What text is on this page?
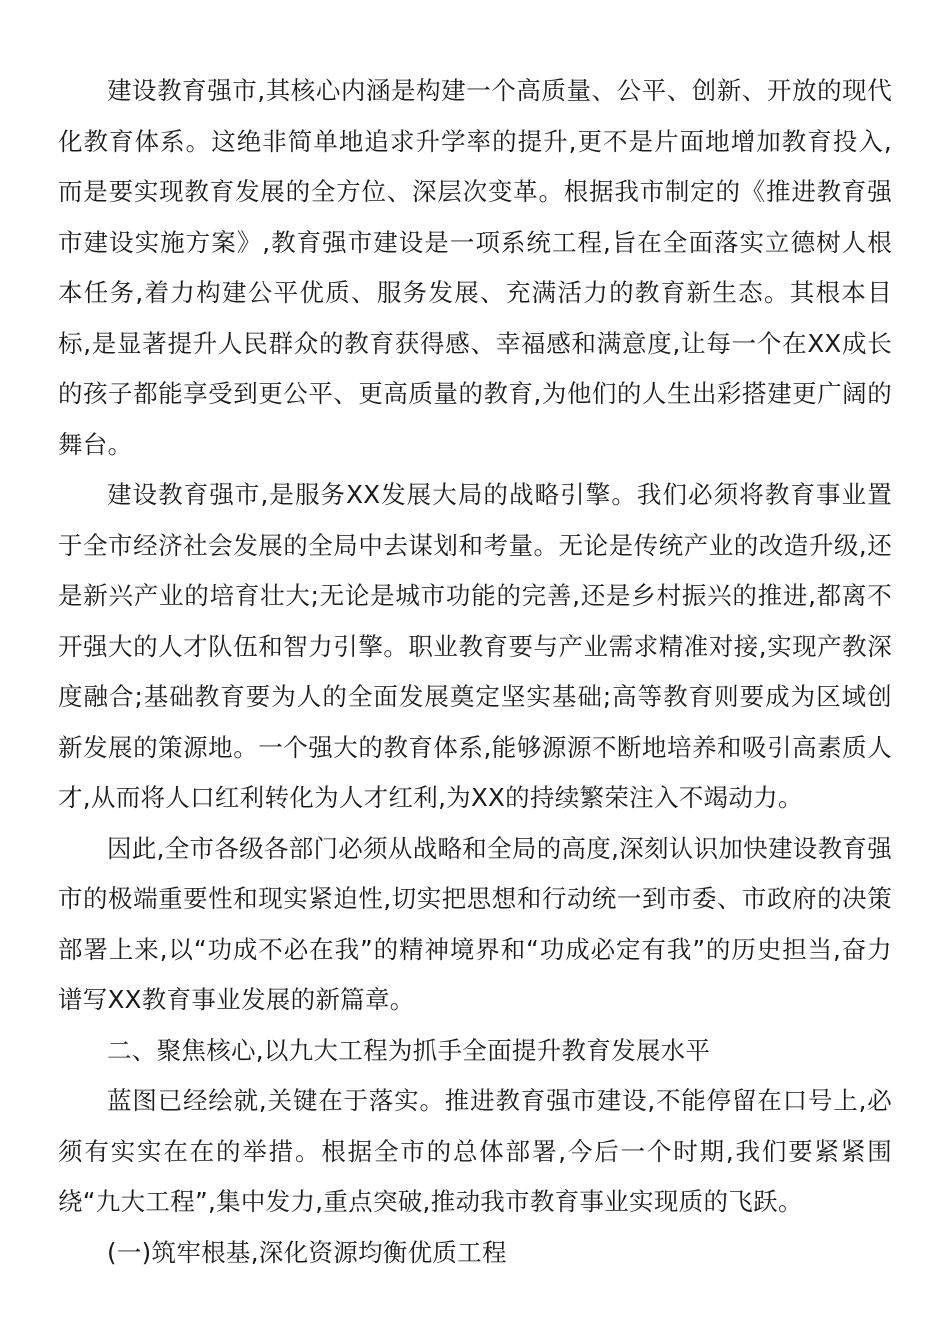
建设教育强市,其核心内涵是构建一个高质量、公平、创新、开放的现代化教育体系。这绝非简单地追求升学率的提升,更不是片面地增加教育投入,而是要实现教育发展的全方位、深层次变革。根据我市制定的《推进教育强市建设实施方案》,教育强市建设是一项系统工程,旨在全面落实立德树人根本任务,着力构建公平优质、服务发展、充满活力的教育新生态。其根本目标,是显著提升人民群众的教育获得感、幸福感和满意度,让每一个在XX成长的孩子都能享受到更公平、更高质量的教育,为他们的人生出彩搭建更广阔的舞台。

建设教育强市,是服务XX发展大局的战略引擎。我们必须将教育事业置于全市经济社会发展的全局中去谋划和考量。无论是传统产业的改造升级,还是新兴产业的培育壮大;无论是城市功能的完善,还是乡村振兴的推进,都离不开强大的人才队伍和智力引擎。职业教育要与产业需求精准对接,实现产教深度融合;基础教育要为人的全面发展奠定坚实基础;高等教育则要成为区域创新发展的策源地。一个强大的教育体系,能够源源不断地培养和吸引高素质人才,从而将人口红利转化为人才红利,为XX的持续繁荣注入不竭动力。

因此,全市各级各部门必须从战略和全局的高度,深刻认识加快建设教育强市的极端重要性和现实紧迫性,切实把思想和行动统一到市委、市政府的决策部署上来,以“功成不必在我”的精神境界和“功成必定有我”的历史担当,奋力谱写XX教育事业发展的新篇章。

二、聚焦核心,以九大工程为抓手全面提升教育发展水平

蓝图已经绘就,关键在于落实。推进教育强市建设,不能停留在口号上,必须有实实在在的举措。根据全市的总体部署,今后一个时期,我们要紧紧围绕“九大工程”,集中发力,重点突破,推动我市教育事业实现质的飞跃。

(一)筑牢根基,深化资源均衡优质工程
